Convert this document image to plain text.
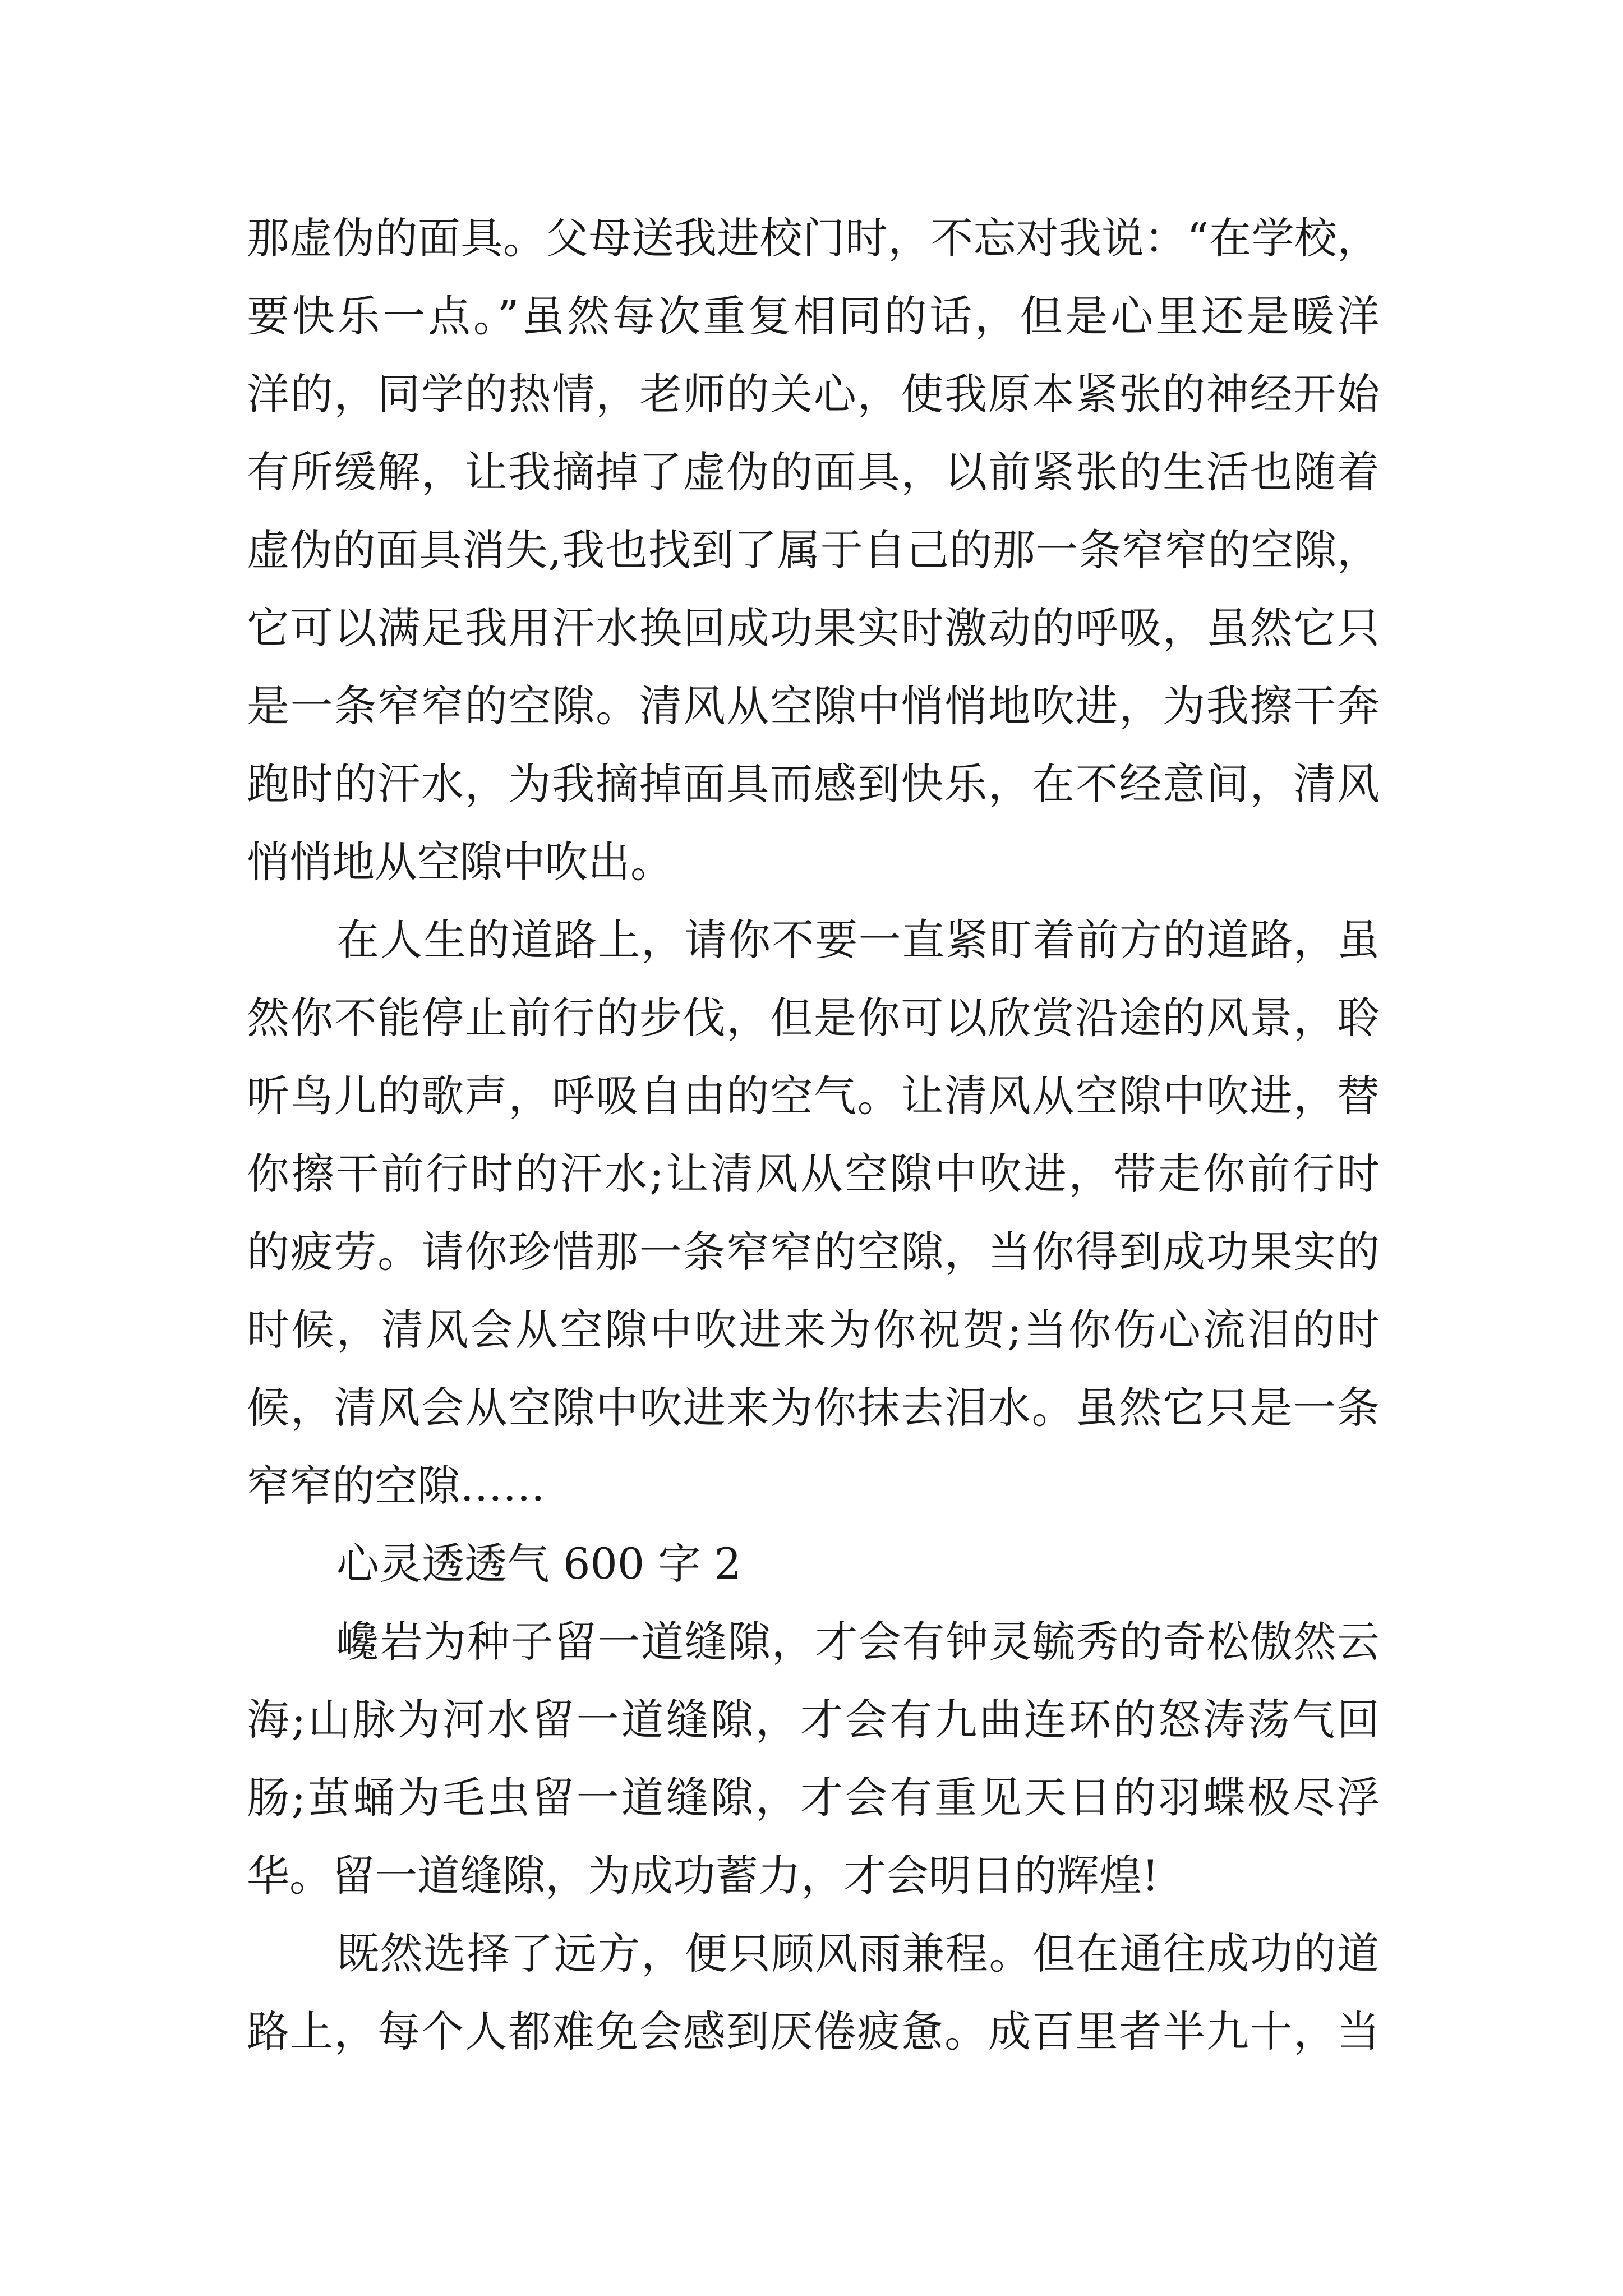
那虚伪的面具。父母送我进校门时，不忘对我说：“在学校，
要快乐一点。”虽然每次重复相同的话，但是心里还是暖洋
洋的，同学的热情，老师的关心，使我原本紧张的神经开始
有所缓解，让我摘掉了虚伪的面具，以前紧张的生活也随着
虚伪的面具消失,我也找到了属于自己的那一条窄窄的空隙，
它可以满足我用汗水换回成功果实时激动的呼吸，虽然它只
是一条窄窄的空隙。清风从空隙中悄悄地吹进，为我擦干奔
跑时的汗水，为我摘掉面具而感到快乐，在不经意间，清风
悄悄地从空隙中吹出。
在人生的道路上，请你不要一直紧盯着前方的道路，虽
然你不能停止前行的步伐，但是你可以欣赏沿途的风景，聆
听鸟儿的歌声，呼吸自由的空气。让清风从空隙中吹进，替
你擦干前行时的汗水;让清风从空隙中吹进，带走你前行时
的疲劳。请你珍惜那一条窄窄的空隙，当你得到成功果实的
时候，清风会从空隙中吹进来为你祝贺;当你伤心流泪的时
候，清风会从空隙中吹进来为你抹去泪水。虽然它只是一条
窄窄的空隙……
心灵透透气 600 字 2
巉岩为种子留一道缝隙，才会有钟灵毓秀的奇松傲然云
海;山脉为河水留一道缝隙，才会有九曲连环的怒涛荡气回
肠;茧蛹为毛虫留一道缝隙，才会有重见天日的羽蝶极尽浮
华。留一道缝隙，为成功蓄力，才会明日的辉煌!
既然选择了远方，便只顾风雨兼程。但在通往成功的道
路上，每个人都难免会感到厌倦疲惫。成百里者半九十，当
